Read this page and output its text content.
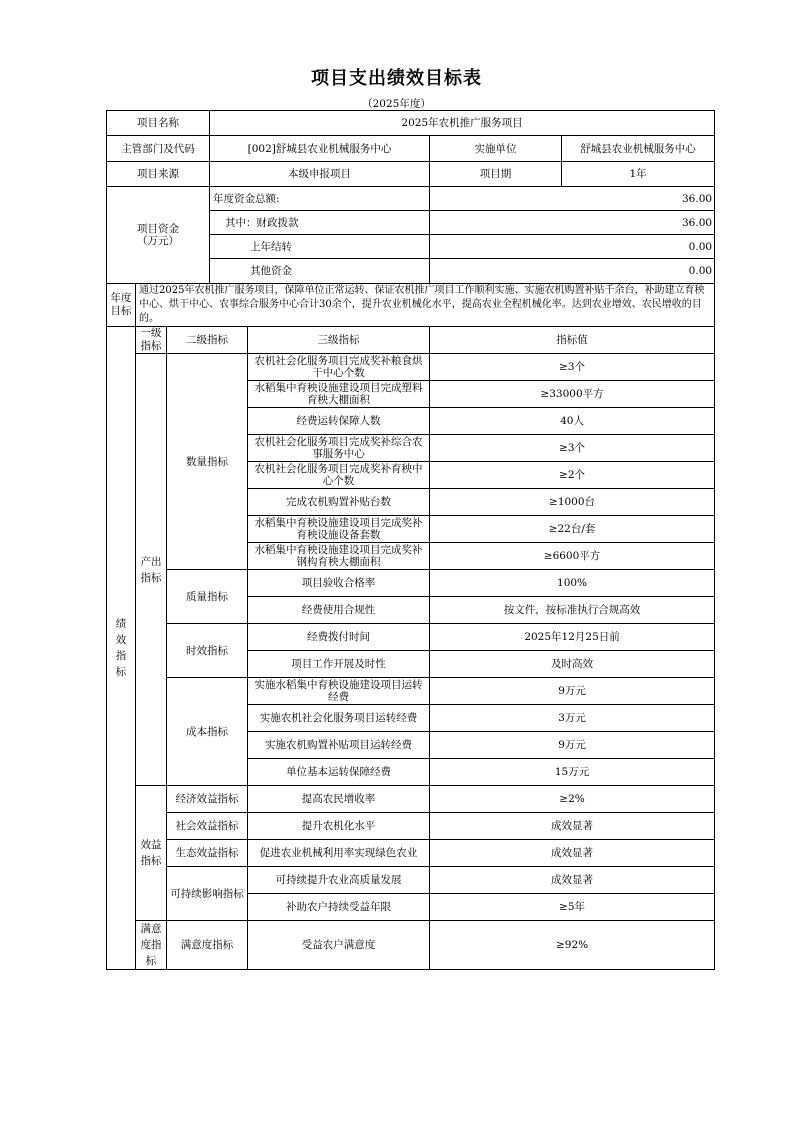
项目支出绩效目标表
（2025年度）
项目名称			2025年农机推广服务项目			
主管部门及代码			[002]舒城县农业机械服务中心		实施单位	舒城县农业机械服务中心
项目来源			本级申报项目		项目期	1年

项目资金
（万元）			年度资金总额:		36.00	
			其中：财政拨款		36.00	
			上年结转		0.00	
			其他资金		0.00	
年度目标	通过2025年农机推广服务项目，保障单位正常运转、保证农机推广项目工作顺利实施、实施农机购置补贴千余台，补助建立育秧中心、烘干中心、农事综合服务中心合计30余个，提升农业机械化水平，提高农业全程机械化率。达到农业增效、农民增收的目的。					
绩效指标	一级指标	二级指标		三级指标	指标值	
	产出指标	数量指标		农机社会化服务项目完成奖补粮食烘干中心个数	≥3个	
				水稻集中育秧设施建设项目完成塑料育秧大棚面积	≥33000平方	
				经费运转保障人数	40人	
				农机社会化服务项目完成奖补综合农事服务中心	≥3个	
				农机社会化服务项目完成奖补育秧中心个数	≥2个	
				完成农机购置补贴台数	≥1000台	
				水稻集中育秧设施建设项目完成奖补育秧设施设备套数	≥22台/套	
				水稻集中育秧设施建设项目完成奖补钢构育秧大棚面积	≥6600平方	
		质量指标		项目验收合格率	100%	
				经费使用合规性	按文件，按标准执行合规高效	
		时效指标		经费拨付时间	2025年12月25日前	
				项目工作开展及时性	及时高效	
		成本指标		实施水稻集中育秧设施建设项目运转经费	9万元	
				实施农机社会化服务项目运转经费	3万元	
				实施农机购置补贴项目运转经费	9万元	
				单位基本运转保障经费	15万元	
	效益指标	经济效益指标		提高农民增收率	≥2%	
		社会效益指标		提升农机化水平	成效显著	
		生态效益指标		促进农业机械利用率实现绿色农业	成效显著	
		可持续影响指标		可持续提升农业高质量发展	成效显著	
				补助农户持续受益年限	≥5年	
	满意度指标	满意度指标		受益农户满意度	≥92%	
